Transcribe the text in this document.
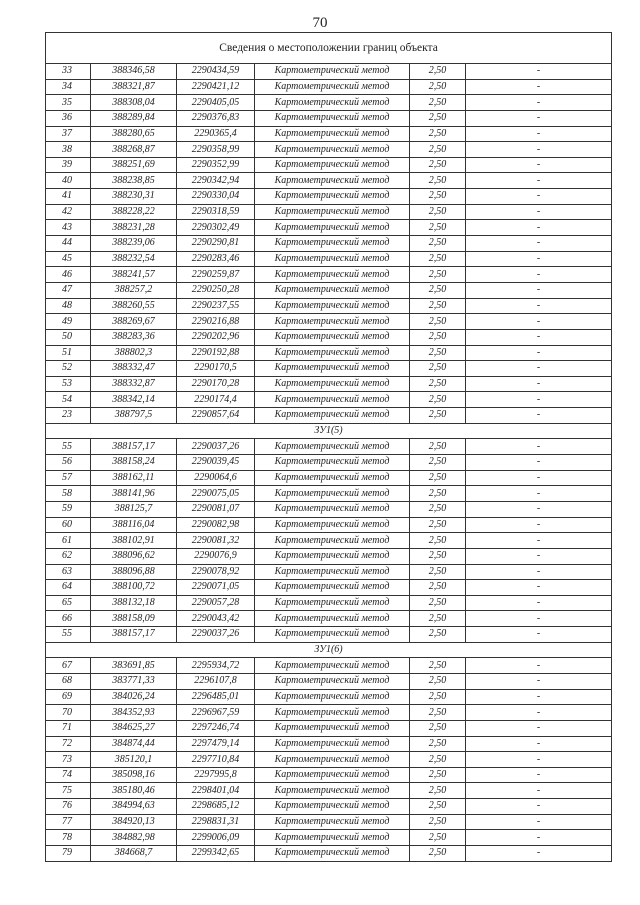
70
Сведения о местоположении границ объекта					
33	388346,58	2290434,59	Картометрический метод	2,50	-
34	388321,87	2290421,12	Картометрический метод	2,50	-
35	388308,04	2290405,05	Картометрический метод	2,50	-
36	388289,84	2290376,83	Картометрический метод	2,50	-
37	388280,65	2290365,4	Картометрический метод	2,50	-
38	388268,87	2290358,99	Картометрический метод	2,50	-
39	388251,69	2290352,99	Картометрический метод	2,50	-
40	388238,85	2290342,94	Картометрический метод	2,50	-
41	388230,31	2290330,04	Картометрический метод	2,50	-
42	388228,22	2290318,59	Картометрический метод	2,50	-
43	388231,28	2290302,49	Картометрический метод	2,50	-
44	388239,06	2290290,81	Картометрический метод	2,50	-
45	388232,54	2290283,46	Картометрический метод	2,50	-
46	388241,57	2290259,87	Картометрический метод	2,50	-
47	388257,2	2290250,28	Картометрический метод	2,50	-
48	388260,55	2290237,55	Картометрический метод	2,50	-
49	388269,67	2290216,88	Картометрический метод	2,50	-
50	388283,36	2290202,96	Картометрический метод	2,50	-
51	388802,3	2290192,88	Картометрический метод	2,50	-
52	388332,47	2290170,5	Картометрический метод	2,50	-
53	388332,87	2290170,28	Картометрический метод	2,50	-
54	388342,14	2290174,4	Картометрический метод	2,50	-
23	388797,5	2290857,64	Картометрический метод	2,50	-
ЗУ1(5)					
55	388157,17	2290037,26	Картометрический метод	2,50	-
56	388158,24	2290039,45	Картометрический метод	2,50	-
57	388162,11	2290064,6	Картометрический метод	2,50	-
58	388141,96	2290075,05	Картометрический метод	2,50	-
59	388125,7	2290081,07	Картометрический метод	2,50	-
60	388116,04	2290082,98	Картометрический метод	2,50	-
61	388102,91	2290081,32	Картометрический метод	2,50	-
62	388096,62	2290076,9	Картометрический метод	2,50	-
63	388096,88	2290078,92	Картометрический метод	2,50	-
64	388100,72	2290071,05	Картометрический метод	2,50	-
65	388132,18	2290057,28	Картометрический метод	2,50	-
66	388158,09	2290043,42	Картометрический метод	2,50	-
55	388157,17	2290037,26	Картометрический метод	2,50	-
ЗУ1(6)					
67	383691,85	2295934,72	Картометрический метод	2,50	-
68	383771,33	2296107,8	Картометрический метод	2,50	-
69	384026,24	2296485,01	Картометрический метод	2,50	-
70	384352,93	2296967,59	Картометрический метод	2,50	-
71	384625,27	2297246,74	Картометрический метод	2,50	-
72	384874,44	2297479,14	Картометрический метод	2,50	-
73	385120,1	2297710,84	Картометрический метод	2,50	-
74	385098,16	2297995,8	Картометрический метод	2,50	-
75	385180,46	2298401,04	Картометрический метод	2,50	-
76	384994,63	2298685,12	Картометрический метод	2,50	-
77	384920,13	2298831,31	Картометрический метод	2,50	-
78	384882,98	2299006,09	Картометрический метод	2,50	-
79	384668,7	2299342,65	Картометрический метод	2,50	-
